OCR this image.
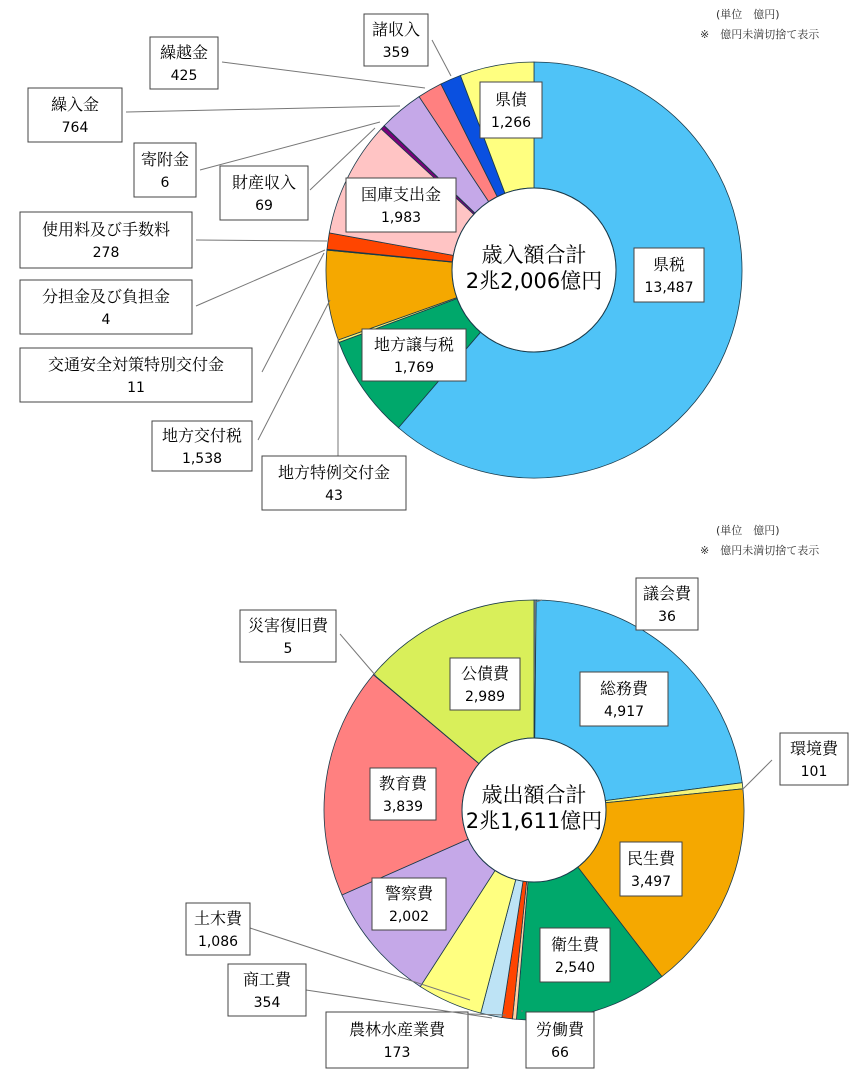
(単位　億円)
※　億円未満切捨て表示
(単位　億円)
※　億円未満切捨て表示
歳入額合計
2兆2,006億円
県税
13,487
地方譲与税
1,769
地方特例交付金
43
地方交付税
1,538
交通安全対策特別交付金
11
分担金及び負担金
4
使用料及び手数料
278
国庫支出金
1,983
財産収入
69
寄附金
6
繰入金
764
繰越金
425
諸収入
359
県債
1,266
歳出額合計
2兆1,611億円
議会費
36
総務費
4,917
環境費
101
民生費
3,497
衛生費
2,540
労働費
66
農林水産業費
173
商工費
354
土木費
1,086
警察費
2,002
教育費
3,839
災害復旧費
5
公債費
2,989
